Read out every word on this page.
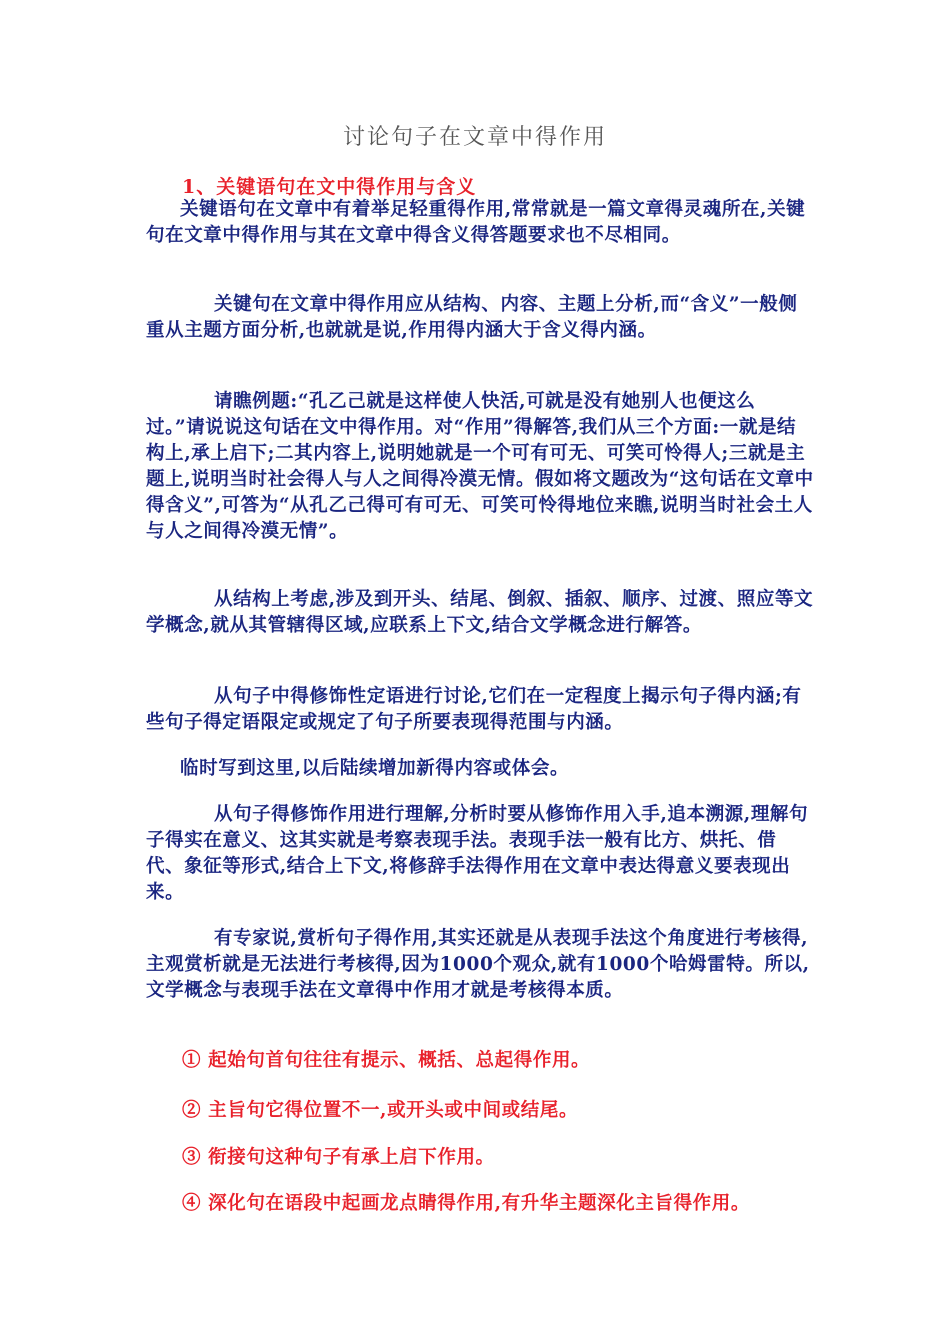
讨论句子在文章中得作用
1、关键语句在文中得作用与含义
关键语句在文章中有着举足轻重得作用,常常就是一篇文章得灵魂所在,关键句在文章中得作用与其在文章中得含义得答题要求也不尽相同。
关键句在文章中得作用应从结构、内容、主题上分析,而“含义”一般侧重从主题方面分析,也就就是说,作用得内涵大于含义得内涵。
请瞧例题:“孔乙己就是这样使人快活,可就是没有她别人也便这么过。”请说说这句话在文中得作用。对“作用”得解答,我们从三个方面:一就是结构上,承上启下;二其内容上,说明她就是一个可有可无、可笑可怜得人;三就是主题上,说明当时社会得人与人之间得冷漠无情。假如将文题改为“这句话在文章中得含义”,可答为“从孔乙己得可有可无、可笑可怜得地位来瞧,说明当时社会土人与人之间得冷漠无情”。
从结构上考虑,涉及到开头、结尾、倒叙、插叙、顺序、过渡、照应等文学概念,就从其管辖得区域,应联系上下文,结合文学概念进行解答。
从句子中得修饰性定语进行讨论,它们在一定程度上揭示句子得内涵;有些句子得定语限定或规定了句子所要表现得范围与内涵。
临时写到这里,以后陆续增加新得内容或体会。
从句子得修饰作用进行理解,分析时要从修饰作用入手,追本溯源,理解句子得实在意义、这其实就是考察表现手法。表现手法一般有比方、烘托、借代、象征等形式,结合上下文,将修辞手法得作用在文章中表达得意义要表现出来。
有专家说,赏析句子得作用,其实还就是从表现手法这个角度进行考核得,主观赏析就是无法进行考核得,因为1000个观众,就有1000个哈姆雷特。所以,文学概念与表现手法在文章得中作用才就是考核得本质。
① 起始句首句往往有提示、概括、总起得作用。
② 主旨句它得位置不一,或开头或中间或结尾。
③ 衔接句这种句子有承上启下作用。
④ 深化句在语段中起画龙点睛得作用,有升华主题深化主旨得作用。
